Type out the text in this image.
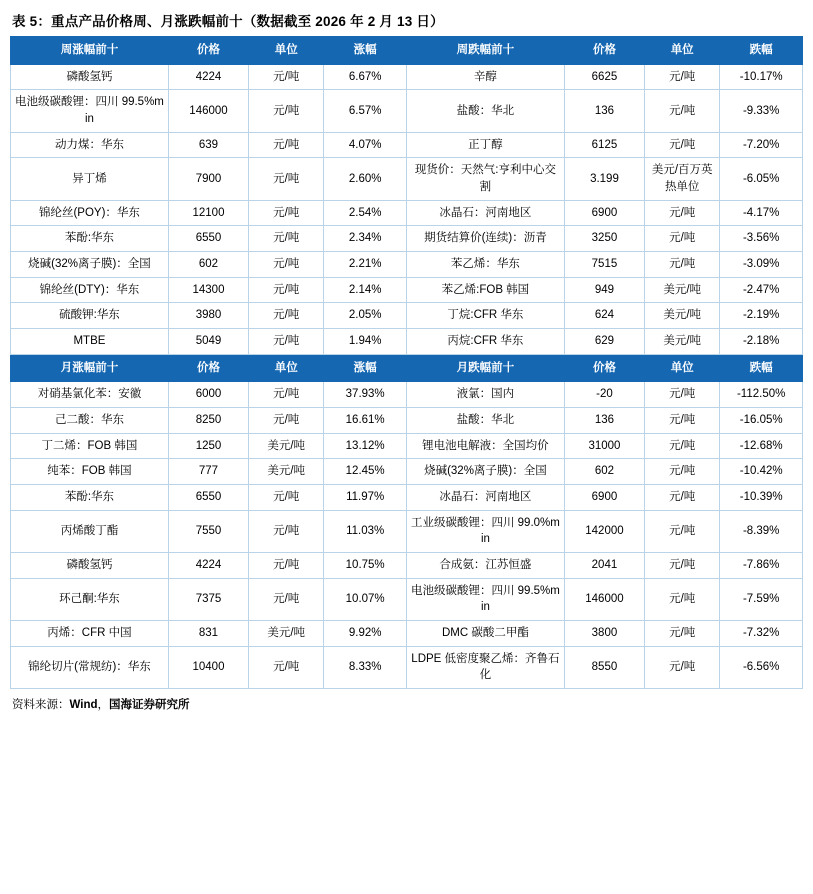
表 5：重点产品价格周、月涨跌幅前十（数据截至 2026 年 2 月 13 日）
周涨幅前十	价格	单位	涨幅	周跌幅前十	价格	单位	跌幅
磷酸氢钙	4224	元/吨	6.67%	辛醇	6625	元/吨	-10.17%
电池级碳酸锂：四川 99.5%min	146000	元/吨	6.57%	盐酸：华北	136	元/吨	-9.33%
动力煤：华东	639	元/吨	4.07%	正丁醇	6125	元/吨	-7.20%
异丁烯	7900	元/吨	2.60%	现货价：天然气:亨利中心交割	3.199	美元/百万英热单位	-6.05%
锦纶丝(POY)：华东	12100	元/吨	2.54%	冰晶石：河南地区	6900	元/吨	-4.17%
苯酚:华东	6550	元/吨	2.34%	期货结算价(连续)：沥青	3250	元/吨	-3.56%
烧碱(32%离子膜)：全国	602	元/吨	2.21%	苯乙烯：华东	7515	元/吨	-3.09%
锦纶丝(DTY)：华东	14300	元/吨	2.14%	苯乙烯:FOB 韩国	949	美元/吨	-2.47%
硫酸钾:华东	3980	元/吨	2.05%	丁烷:CFR 华东	624	美元/吨	-2.19%
MTBE	5049	元/吨	1.94%	丙烷:CFR 华东	629	美元/吨	-2.18%
月涨幅前十	价格	单位	涨幅	月跌幅前十	价格	单位	跌幅
对硝基氯化苯：安徽	6000	元/吨	37.93%	液氯：国内	-20	元/吨	-112.50%
己二酸：华东	8250	元/吨	16.61%	盐酸：华北	136	元/吨	-16.05%
丁二烯：FOB 韩国	1250	美元/吨	13.12%	锂电池电解液：全国均价	31000	元/吨	-12.68%
纯苯：FOB 韩国	777	美元/吨	12.45%	烧碱(32%离子膜)：全国	602	元/吨	-10.42%
苯酚:华东	6550	元/吨	11.97%	冰晶石：河南地区	6900	元/吨	-10.39%
丙烯酸丁酯	7550	元/吨	11.03%	工业级碳酸锂：四川 99.0%min	142000	元/吨	-8.39%
磷酸氢钙	4224	元/吨	10.75%	合成氨：江苏恒盛	2041	元/吨	-7.86%
环己酮:华东	7375	元/吨	10.07%	电池级碳酸锂：四川 99.5%min	146000	元/吨	-7.59%
丙烯：CFR 中国	831	美元/吨	9.92%	DMC 碳酸二甲酯	3800	元/吨	-7.32%
锦纶切片(常规纺)：华东	10400	元/吨	8.33%	LDPE 低密度聚乙烯：齐鲁石化	8550	元/吨	-6.56%
资料来源：Wind，国海证券研究所
